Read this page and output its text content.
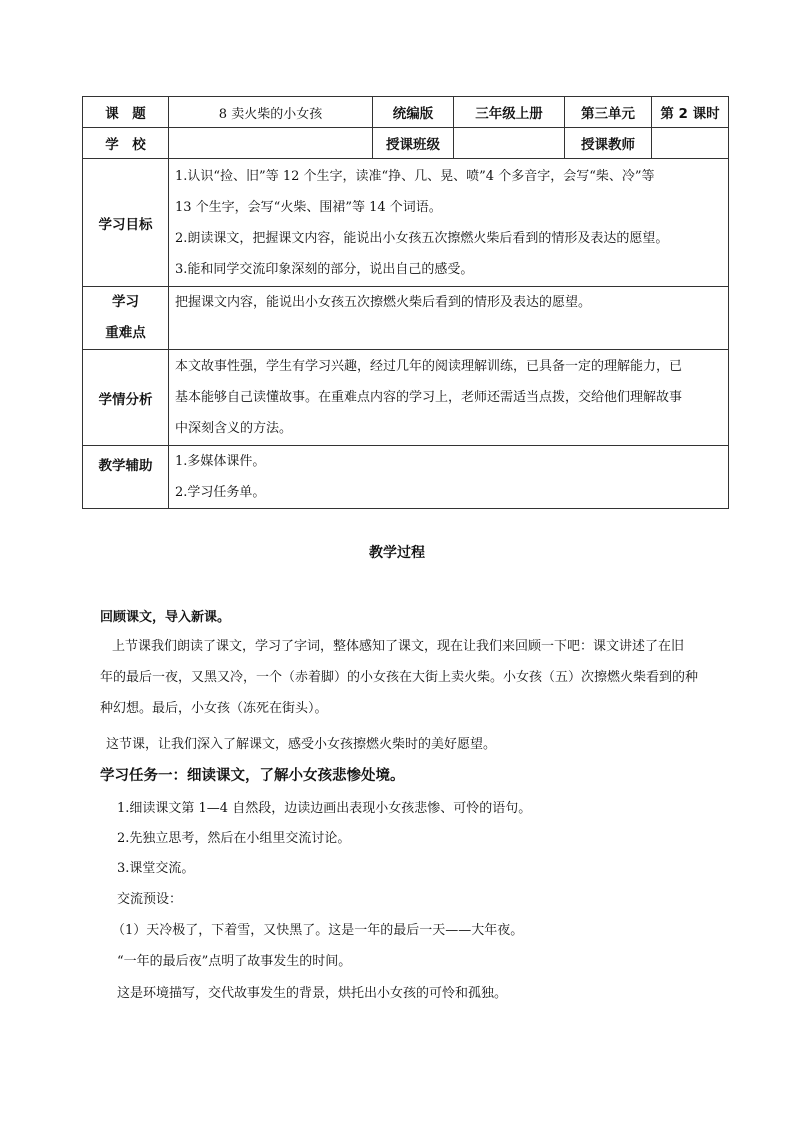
课　题	8 卖火柴的小女孩	统编版	三年级上册	第三单元	第 2 课时
学　校		授课班级		授课教师	
学习目标	1.认识“捡、旧”等 12 个生字，读准“挣、几、晃、喷”4 个多音字，会写“柴、冷”等
13 个生字，会写“火柴、围裙”等 14 个词语。
2.朗读课文，把握课文内容，能说出小女孩五次擦燃火柴后看到的情形及表达的愿望。
3.能和同学交流印象深刻的部分，说出自己的感受。				

学习
重难点	把握课文内容，能说出小女孩五次擦燃火柴后看到的情形及表达的愿望。				

学情分析	本文故事性强，学生有学习兴趣，经过几年的阅读理解训练，已具备一定的理解能力，已
基本能够自己读懂故事。在重难点内容的学习上，老师还需适当点拨，交给他们理解故事
中深刻含义的方法。				

教学辅助	1.多媒体课件。
2.学习任务单。				
教学过程
回顾课文，导入新课。
上节课我们朗读了课文，学习了字词，整体感知了课文，现在让我们来回顾一下吧：课文讲述了在旧
年的最后一夜，又黑又冷，一个（赤着脚）的小女孩在大街上卖火柴。小女孩（五）次擦燃火柴看到的种
种幻想。最后，小女孩（冻死在街头）。
这节课，让我们深入了解课文，感受小女孩擦燃火柴时的美好愿望。
学习任务一：细读课文，了解小女孩悲惨处境。
1.细读课文第 1—4 自然段，边读边画出表现小女孩悲惨、可怜的语句。
2.先独立思考，然后在小组里交流讨论。
3.课堂交流。
交流预设：
（1）天冷极了，下着雪，又快黑了。这是一年的最后一天——大年夜。
“一年的最后夜”点明了故事发生的时间。
这是环境描写，交代故事发生的背景，烘托出小女孩的可怜和孤独。
